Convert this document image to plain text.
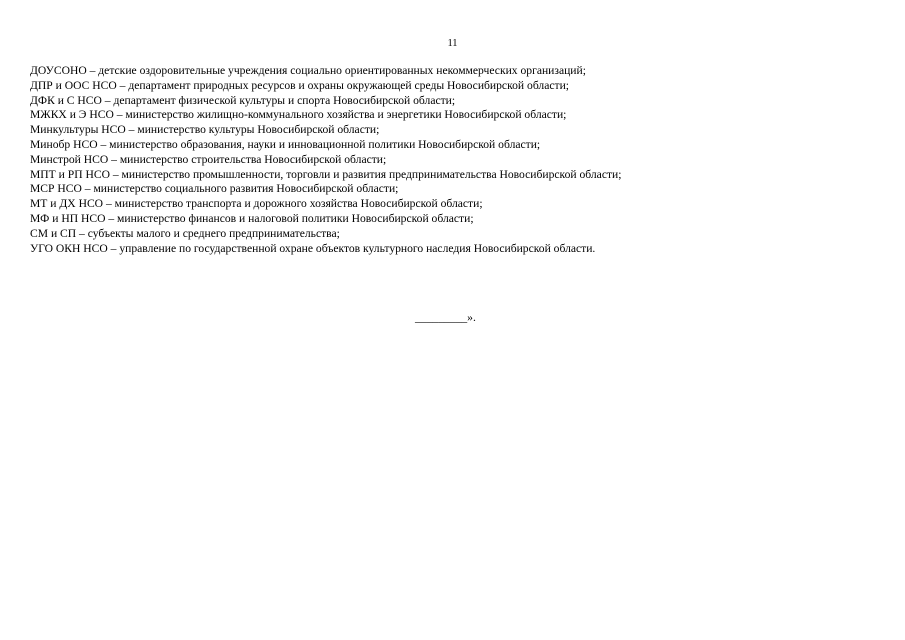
11
ДОУСОНО – детские оздоровительные учреждения социально ориентированных некоммерческих организаций;
ДПР и ООС НСО – департамент природных ресурсов и охраны окружающей среды Новосибирской области;
ДФК и С НСО – департамент физической культуры и спорта Новосибирской области;
МЖКХ и Э НСО – министерство жилищно-коммунального хозяйства и энергетики Новосибирской области;
Минкультуры НСО – министерство культуры Новосибирской области;
Минобр НСО – министерство образования, науки и инновационной политики Новосибирской области;
Минстрой НСО – министерство строительства Новосибирской области;
МПТ и РП НСО – министерство промышленности, торговли и развития предпринимательства Новосибирской области;
МСР НСО – министерство социального развития Новосибирской области;
МТ и ДХ НСО – министерство транспорта и дорожного хозяйства Новосибирской области;
МФ и НП НСО – министерство финансов и налоговой политики Новосибирской области;
СМ и СП – субъекты малого и среднего предпринимательства;
УГО ОКН НСО – управление по государственной охране объектов культурного наследия Новосибирской области.
_________».
